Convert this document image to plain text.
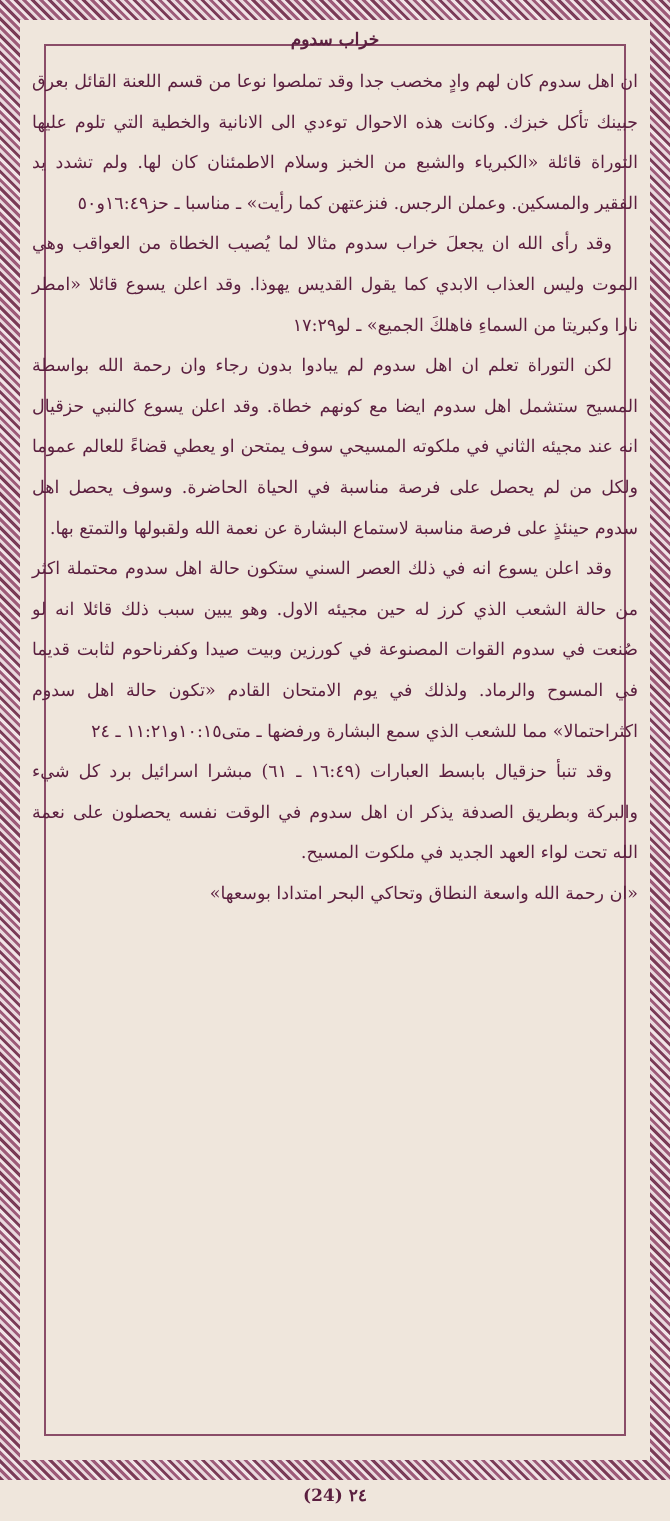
خراب سدوم

ان اهل سدوم كان لهم وادٍ مخصب جدا وقد تملصوا نوعا من قسم اللعنة القائل بعرق جبينك تأكل خبزك. وكانت هذه الاحوال توءدي الى الانانية والخطية التي تلوم عليها التوراة قائلة «الكبرياء والشبع من الخبز وسلام الاطمئنان كان لها. ولم تشدد يد الفقير والمسكين. وعملن الرجس. فنزعتهن كما رأيت» ـ مناسبا ـ حز١٦:٤٩و٥٠

وقد رأى الله ان يجعلَ خراب سدوم مثالا لما يُصيب الخطاة من العواقب وهي الموت وليس العذاب الابدي كما يقول القديس يهوذا. وقد اعلن يسوع قائلا «امطر نارا وكبريتا من السماءِ فاهلكَ الجميع» ـ لو١٧:٢٩

لكن التوراة تعلم ان اهل سدوم لم يبادوا بدون رجاء وان رحمة الله بواسطة المسيح ستشمل اهل سدوم ايضا مع كونهم خطاة. وقد اعلن يسوع كالنبي حزقيال انه عند مجيئه الثاني في ملكوته المسيحي سوف يمتحن او يعطي قضاءً للعالم عموما ولكل من لم يحصل على فرصة مناسبة في الحياة الحاضرة. وسوف يحصل اهل سدوم حينئذٍ على فرصة مناسبة لاستماع البشارة عن نعمة الله ولقبولها والتمتع بها.

وقد اعلن يسوع انه في ذلك العصر السني ستكون حالة اهل سدوم محتملة اكثر من حالة الشعب الذي كرز له حين مجيئه الاول. وهو يبين سبب ذلك قائلا انه لو صُنعت في سدوم القوات المصنوعة في كورزين وبيت صيدا وكفرناحوم لثابت قديما في المسوح والرماد. ولذلك في يوم الامتحان القادم «تكون حالة اهل سدوم اكثراحتمالا» مما للشعب الذي سمع البشارة ورفضها ـ متى١٠:١٥و١١:٢١ ـ ٢٤

وقد تنبأ حزقيال بابسط العبارات (١٦:٤٩ ـ ٦١) مبشرا اسرائيل برد كل شيء والبركة وبطريق الصدفة يذكر ان اهل سدوم في الوقت نفسه يحصلون على نعمة الله تحت لواء العهد الجديد في ملكوت المسيح.

«ان رحمة الله واسعة النطاق وتحاكي البحر امتدادا بوسعها»

(24) ٢٤
